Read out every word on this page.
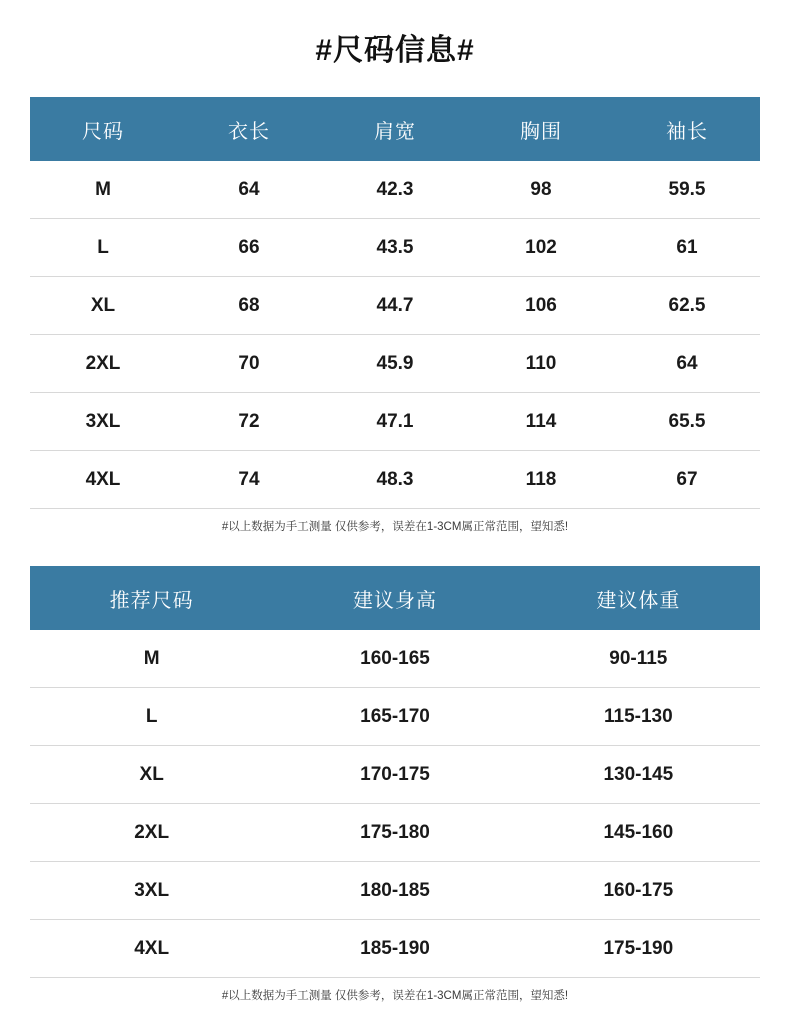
#尺码信息#
尺码	衣长	肩宽	胸围	袖长
M	64	42.3	98	59.5
L	66	43.5	102	61
XL	68	44.7	106	62.5
2XL	70	45.9	110	64
3XL	72	47.1	114	65.5
4XL	74	48.3	118	67
#以上数据为手工测量 仅供参考，误差在1-3CM属正常范围，望知悉!
推荐尺码	建议身高	建议体重
M	160-165	90-115
L	165-170	115-130
XL	170-175	130-145
2XL	175-180	145-160
3XL	180-185	160-175
4XL	185-190	175-190
#以上数据为手工测量 仅供参考，误差在1-3CM属正常范围，望知悉!
